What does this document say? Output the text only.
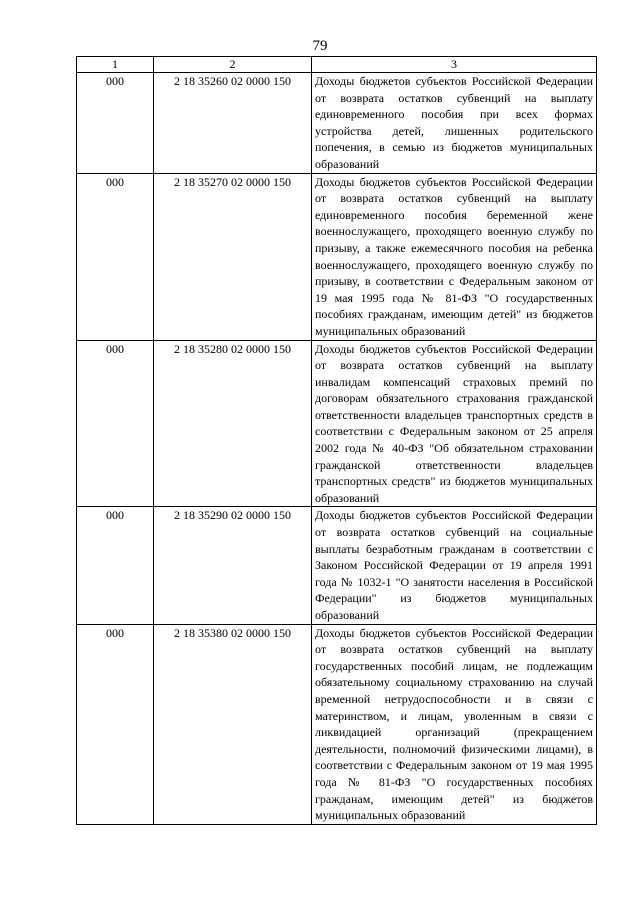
79
1	2	3
000	2 18 35260 02 0000 150	Доходы бюджетов субъектов Российской Федерации от возврата остатков субвенций на выплату единовременного пособия при всех формах устройства детей, лишенных родительского попечения, в семью из бюджетов муниципальных образований
000	2 18 35270 02 0000 150	Доходы бюджетов субъектов Российской Федерации от возврата остатков субвенций на выплату единовременного пособия беременной жене военнослужащего, проходящего военную службу по призыву, а также ежемесячного пособия на ребенка военнослужащего, проходящего военную службу по призыву, в соответствии с Федеральным законом от 19 мая 1995 года № 81-ФЗ "О государственных пособиях гражданам, имеющим детей" из бюджетов муниципальных образований
000	2 18 35280 02 0000 150	Доходы бюджетов субъектов Российской Федерации от возврата остатков субвенций на выплату инвалидам компенсаций страховых премий по договорам обязательного страхования гражданской ответственности владельцев транспортных средств в соответствии с Федеральным законом от 25 апреля 2002 года № 40-ФЗ "Об обязательном страховании гражданской ответственности владельцев транспортных средств" из бюджетов муниципальных образований
000	2 18 35290 02 0000 150	Доходы бюджетов субъектов Российской Федерации от возврата остатков субвенций на социальные выплаты безработным гражданам в соответствии с Законом Российской Федерации от 19 апреля 1991 года № 1032-1 "О занятости населения в Российской Федерации" из бюджетов муниципальных образований
000	2 18 35380 02 0000 150	Доходы бюджетов субъектов Российской Федерации от возврата остатков субвенций на выплату государственных пособий лицам, не подлежащим обязательному социальному страхованию на случай временной нетрудоспособности и в связи с материнством, и лицам, уволенным в связи с ликвидацией организаций (прекращением деятельности, полномочий физическими лицами), в соответствии с Федеральным законом от 19 мая 1995 года № 81-ФЗ "О государственных пособиях гражданам, имеющим детей" из бюджетов муниципальных образований
